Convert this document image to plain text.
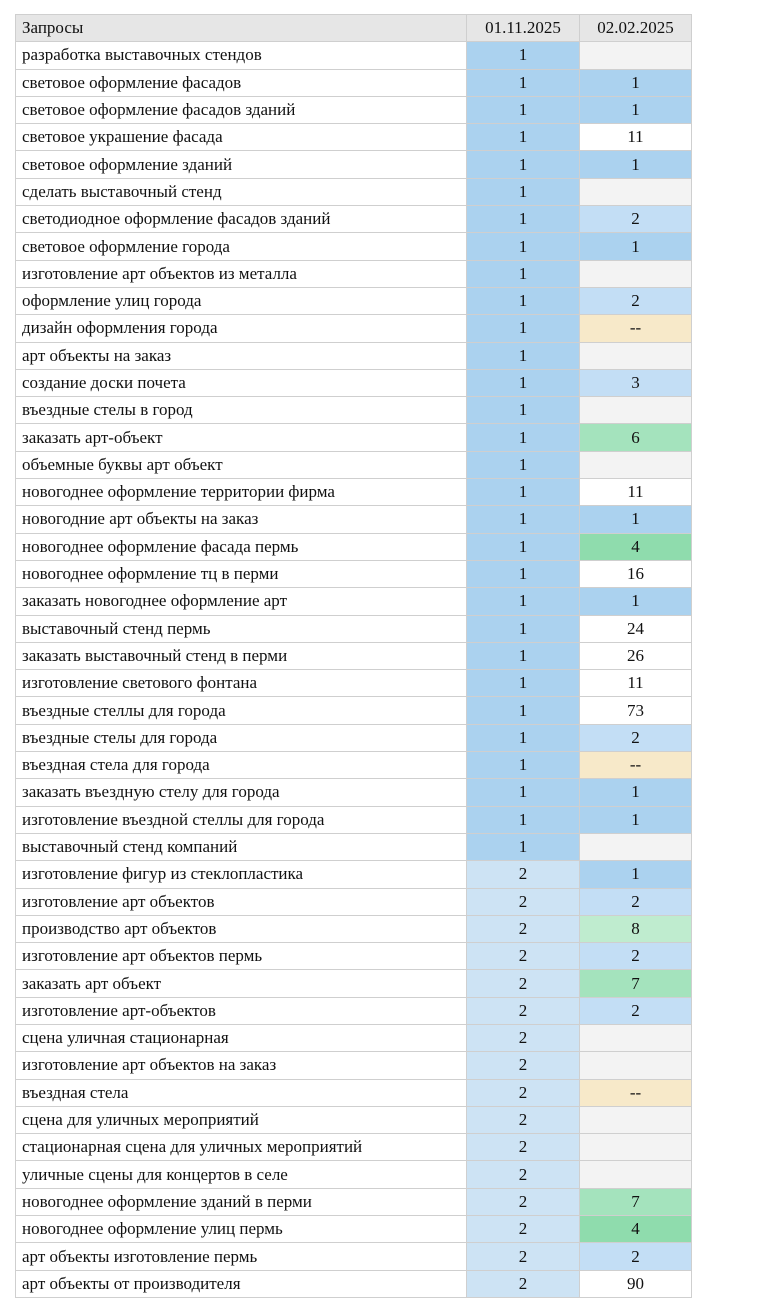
Запросы	01.11.2025	02.02.2025
разработка выставочных стендов	1	
световое оформление фасадов	1	1
световое оформление фасадов зданий	1	1
световое украшение фасада	1	11
световое оформление зданий	1	1
сделать выставочный стенд	1	
светодиодное оформление фасадов зданий	1	2
световое оформление города	1	1
изготовление арт объектов из металла	1	
оформление улиц города	1	2
дизайн оформления города	1	--
арт объекты на заказ	1	
создание доски почета	1	3
въездные стелы в город	1	
заказать арт-объект	1	6
объемные буквы арт объект	1	
новогоднее оформление территории фирма	1	11
новогодние арт объекты на заказ	1	1
новогоднее оформление фасада пермь	1	4
новогоднее оформление тц в перми	1	16
заказать новогоднее оформление арт	1	1
выставочный стенд пермь	1	24
заказать выставочный стенд в перми	1	26
изготовление светового фонтана	1	11
въездные стеллы для города	1	73
въездные стелы для города	1	2
въездная стела для города	1	--
заказать въездную стелу для города	1	1
изготовление въездной стеллы для города	1	1
выставочный стенд компаний	1	
изготовление фигур из стеклопластика	2	1
изготовление арт объектов	2	2
производство арт объектов	2	8
изготовление арт объектов пермь	2	2
заказать арт объект	2	7
изготовление арт-объектов	2	2
сцена уличная стационарная	2	
изготовление арт объектов на заказ	2	
въездная стела	2	--
сцена для уличных мероприятий	2	
стационарная сцена для уличных мероприятий	2	
уличные сцены для концертов в селе	2	
новогоднее оформление зданий в перми	2	7
новогоднее оформление улиц пермь	2	4
арт объекты изготовление пермь	2	2
арт объекты от производителя	2	90
